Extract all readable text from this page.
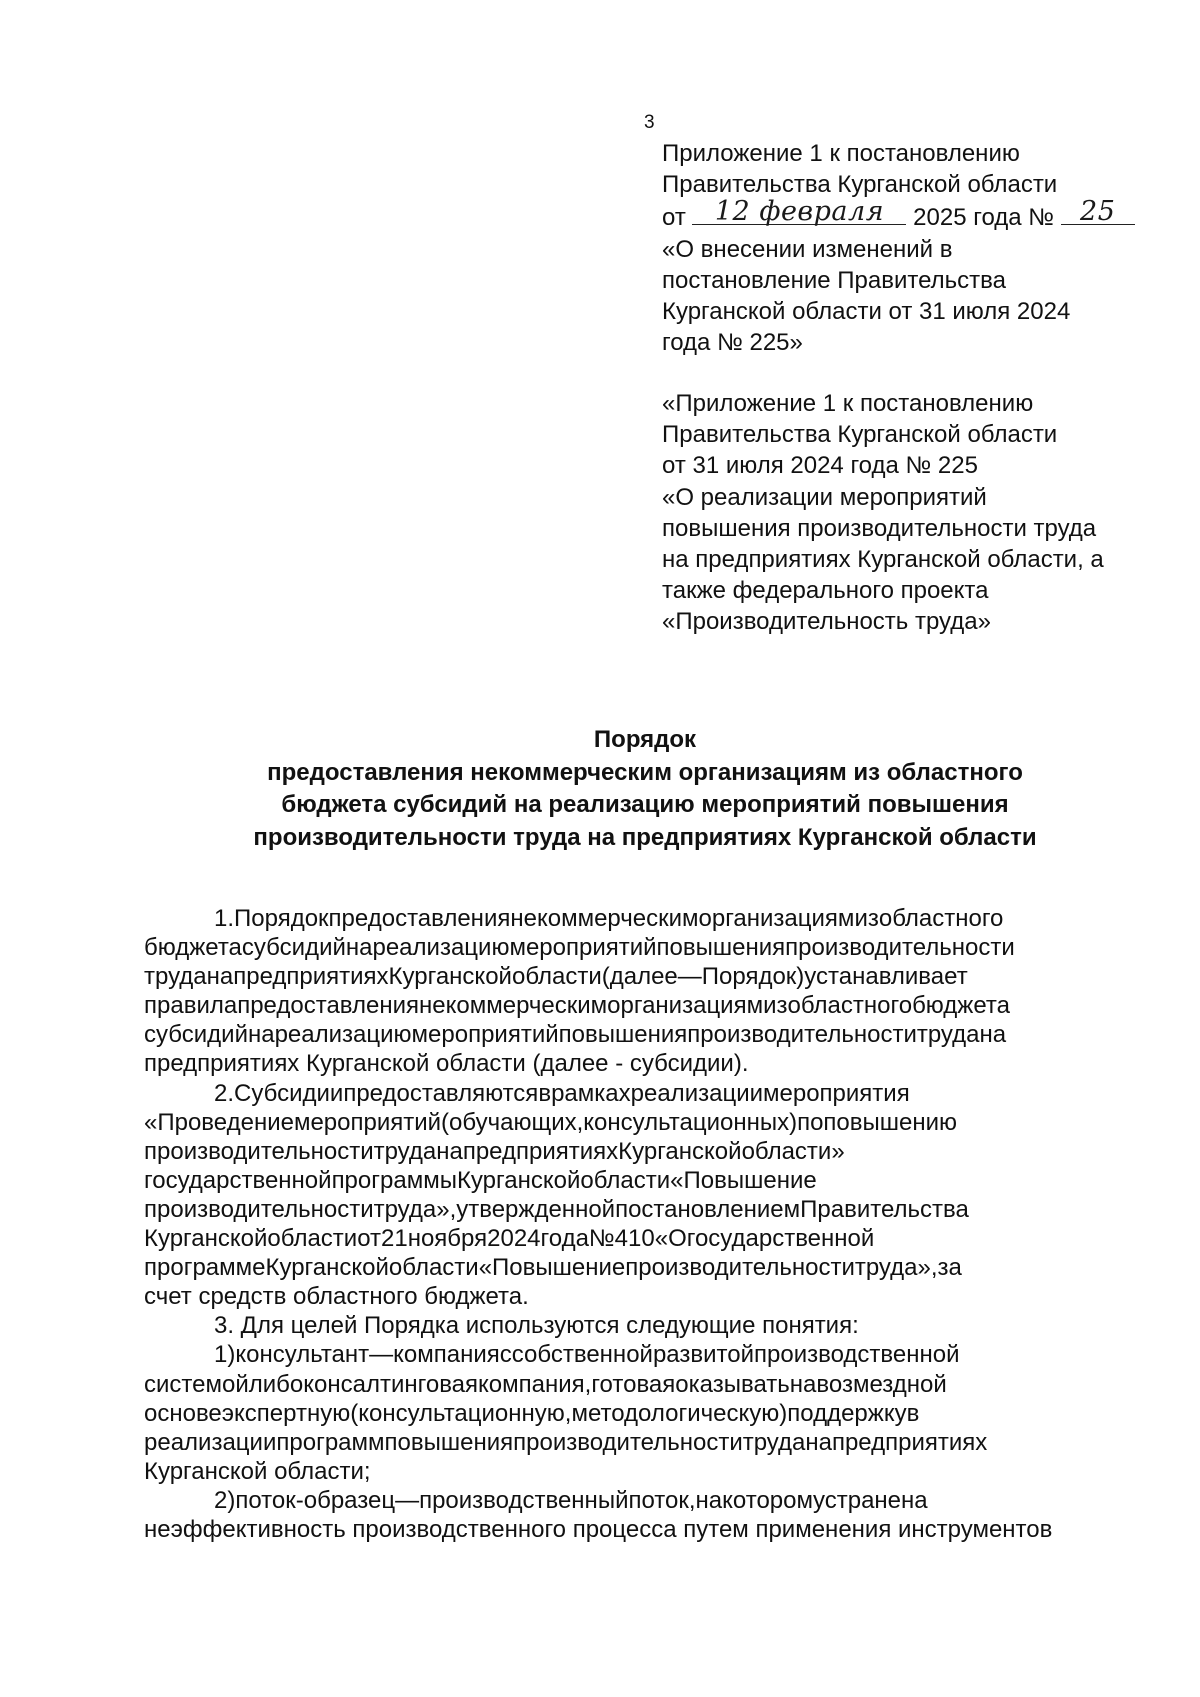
3
Приложение 1 к постановлению
Правительства Курганской области
от	12 февраля	2025 года № 25
«О внесении изменений в
постановление Правительства
Курганской области от 31 июля 2024
года № 225»
«Приложение 1 к постановлению
Правительства Курганской области
от 31 июля 2024 года № 225
«О реализации мероприятий
повышения производительности труда
на предприятиях Курганской области, а
также федерального проекта
«Производительность труда»
Порядок
предоставления некоммерческим организациям из областного
бюджета субсидий на реализацию мероприятий повышения
производительности труда на предприятиях Курганской области
1.Порядокпредоставлениянекоммерческиморганизациямизобластного
бюджетасубсидийнареализациюмероприятийповышенияпроизводительности
труданапредприятияхКурганскойобласти(далее—Порядок)устанавливает
правилапредоставлениянекоммерческиморганизациямизобластногобюджета
субсидийнареализациюмероприятийповышенияпроизводительноститрудана
предприятиях Курганской области (далее - субсидии).
2.Субсидиипредоставляютсяврамкахреализациимероприятия
«Проведениемероприятий(обучающих,консультационных)поповышению
производительноститруданапредприятияхКурганскойобласти»
государственнойпрограммыКурганскойобласти«Повышение
производительноститруда»,утвержденнойпостановлениемПравительства
Курганскойобластиот21ноября2024года№410«Огосударственной
программеКурганскойобласти«Повышениепроизводительноститруда»,за
счет средств областного бюджета.
3. Для целей Порядка используются следующие понятия:
1)консультант—компанияссобственнойразвитойпроизводственной
системойлибоконсалтинговаякомпания,готоваяоказыватьнавозмездной
основеэкспертную(консультационную,методологическую)поддержкув
реализациипрограммповышенияпроизводительноститруданапредприятиях
Курганской области;
2)поток-образец—производственныйпоток,накоторомустранена
неэффективность производственного процесса путем применения инструментов
